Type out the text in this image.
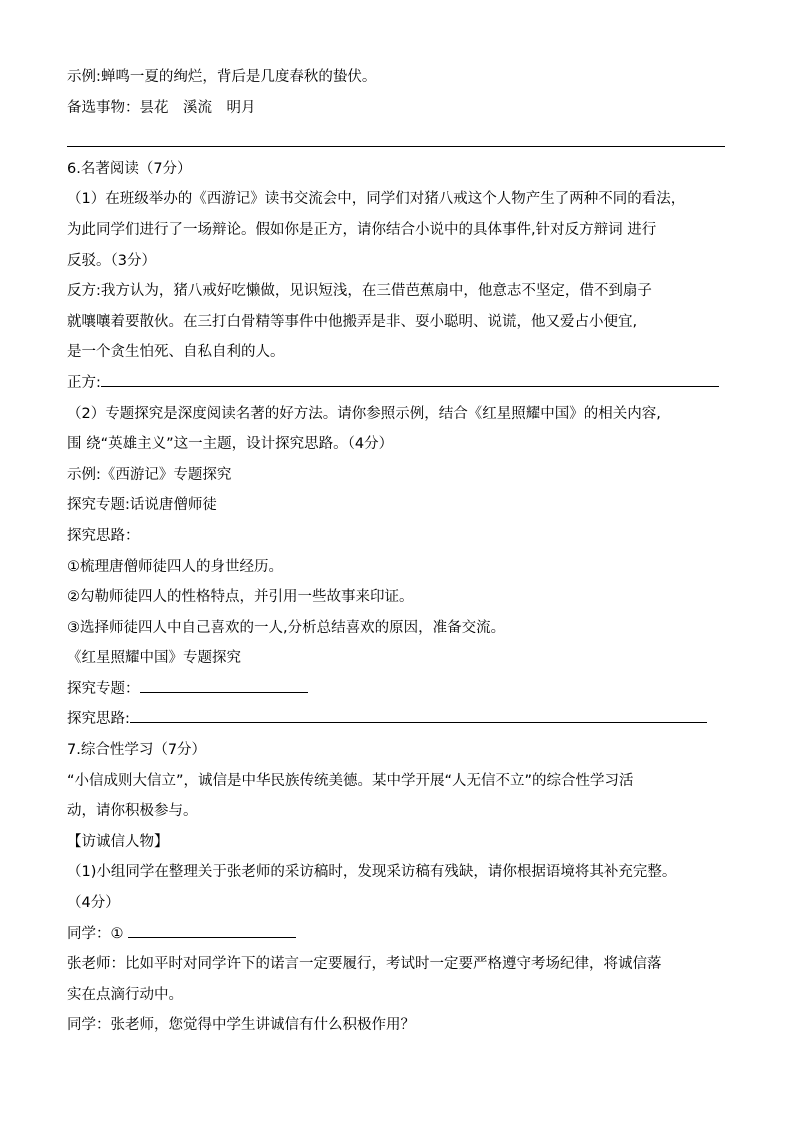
示例:蝉鸣一夏的绚烂，背后是几度春秋的蛰伏。
备选事物：昙花　溪流　明月
6.名著阅读（7分）
（1）在班级举办的《西游记》读书交流会中，同学们对猪八戒这个人物产生了两种不同的看法，
为此同学们进行了一场辩论。假如你是正方，请你结合小说中的具体事件,针对反方辩词 进行
反驳。（3分）
反方:我方认为，猪八戒好吃懒做，见识短浅，在三借芭蕉扇中，他意志不坚定，借不到扇子
就嚷嚷着要散伙。在三打白骨精等事件中他搬弄是非、耍小聪明、说谎，他又爱占小便宜,
是一个贪生怕死、自私自利的人。
正方:
（2）专题探究是深度阅读名著的好方法。请你参照示例，结合《红星照耀中国》的相关内容,
围 绕“英雄主义”这一主题，设计探究思路。（4分）
示例:《西游记》专题探究
探究专题:话说唐僧师徒
探究思路：
①梳理唐僧师徒四人的身世经历。
②勾勒师徒四人的性格特点，并引用一些故事来印证。
③选择师徒四人中自己喜欢的一人,分析总结喜欢的原因，准备交流。
《红星照耀中国》专题探究
探究专题：
探究思路:
7.综合性学习（7分）
“小信成则大信立”，诚信是中华民族传统美德。某中学开展“人无信不立”的综合性学习活
动，请你积极参与。
【访诚信人物】
（1)小组同学在整理关于张老师的采访稿时，发现采访稿有残缺，请你根据语境将其补充完整。
（4分）
同学：①
张老师：比如平时对同学许下的诺言一定要履行，考试时一定要严格遵守考场纪律，将诚信落
实在点滴行动中。
同学：张老师，您觉得中学生讲诚信有什么积极作用？
